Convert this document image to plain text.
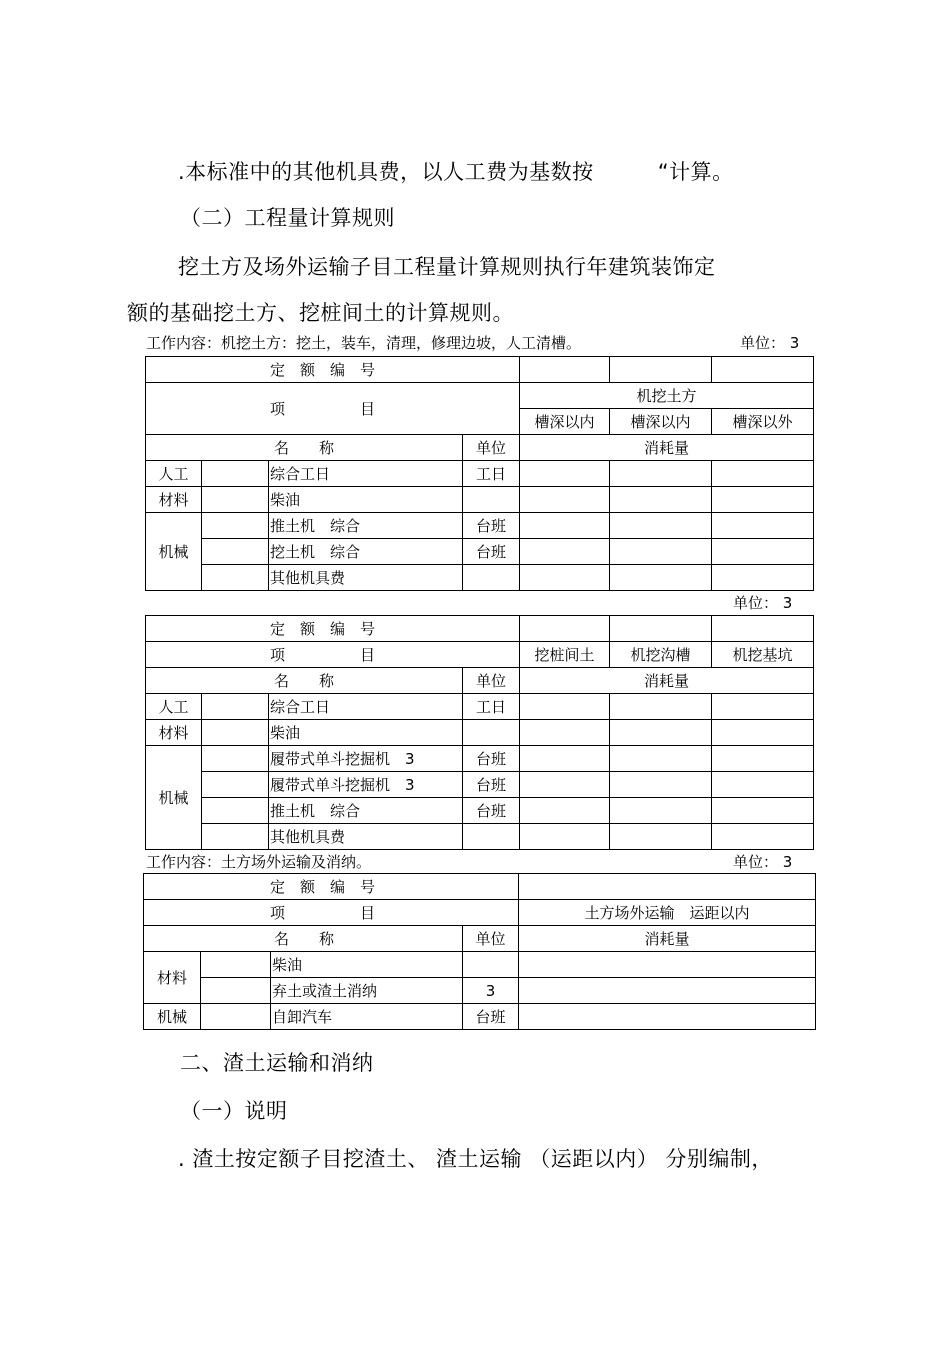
.本标准中的其他机具费，以人工费为基数按	“计算。
（二）工程量计算规则
挖土方及场外运输子目工程量计算规则执行年建筑装饰定
额的基础挖土方、挖桩间土的计算规则。
工作内容：机挖土方：挖土，装车，清理，修理边坡，人工清槽。	单位： 3
定　额　编　号						
项　　　　　目				机挖土方		
				槽深以内	槽深以内	槽深以外
名　　称			单位	消耗量		
人工		综合工日	工日			
材料		柴油				
机械		推土机　综合	台班			
		挖土机　综合	台班			
		其他机具费				
单位： 3
定　额　编　号						
项　　　　　目				挖桩间土	机挖沟槽	机挖基坑
名　　称			单位	消耗量		
人工		综合工日	工日			
材料		柴油				
机械		履带式单斗挖掘机　3	台班			
		履带式单斗挖掘机　3	台班			
		推土机　综合	台班			
		其他机具费				
工作内容：土方场外运输及消纳。	单位： 3
定　额　编　号				
项　　　　　目				土方场外运输　运距以内
名　　称			单位	消耗量
材料		柴油		
		弃土或渣土消纳	3	
机械		自卸汽车	台班	
二、渣土运输和消纳
（一）说明
. 渣土按定额子目挖渣土、 渣土运输 （运距以内） 分别编制，
